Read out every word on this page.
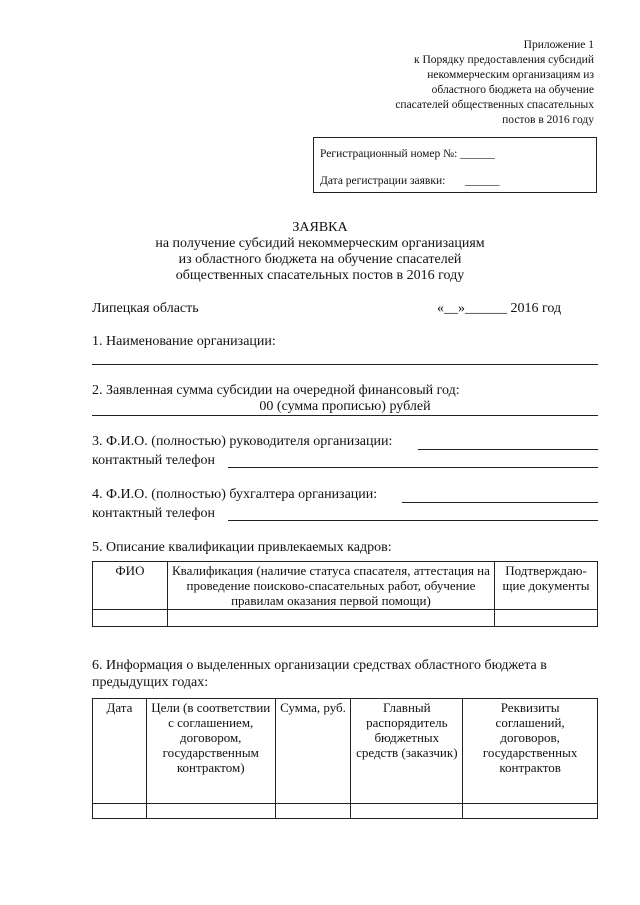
Приложение 1
к Порядку предоставления субсидий
некоммерческим организациям из
областного бюджета на обучение
спасателей общественных спасательных
постов в 2016 году
Регистрационный номер №: ______
Дата регистрации заявки: ______
ЗАЯВКА
на получение субсидий некоммерческим организациям
из областного бюджета на обучение спасателей
общественных спасательных постов в 2016 году
Липецкая область	«__»______ 2016 год
1. Наименование организации:
2. Заявленная сумма субсидии на очередной финансовый год:
00 (сумма прописью) рублей
3. Ф.И.О. (полностью) руководителя организации:
контактный телефон
4. Ф.И.О. (полностью) бухгалтера организации:
контактный телефон
5. Описание квалификации привлекаемых кадров:
ФИО	Квалификация (наличие статуса спасателя, аттестация на проведение поисково-спасательных работ, обучение правилам оказания первой помощи)	Подтверждаю-щие документы

6. Информация о выделенных организации средствах областного бюджета в
предыдущих годах:
Дата	Цели (в соответствии с соглашением, договором, государственным контрактом)	Сумма, руб.	Главный распорядитель бюджетных средств (заказчик)	Реквизиты соглашений, договоров, государственных контрактов
